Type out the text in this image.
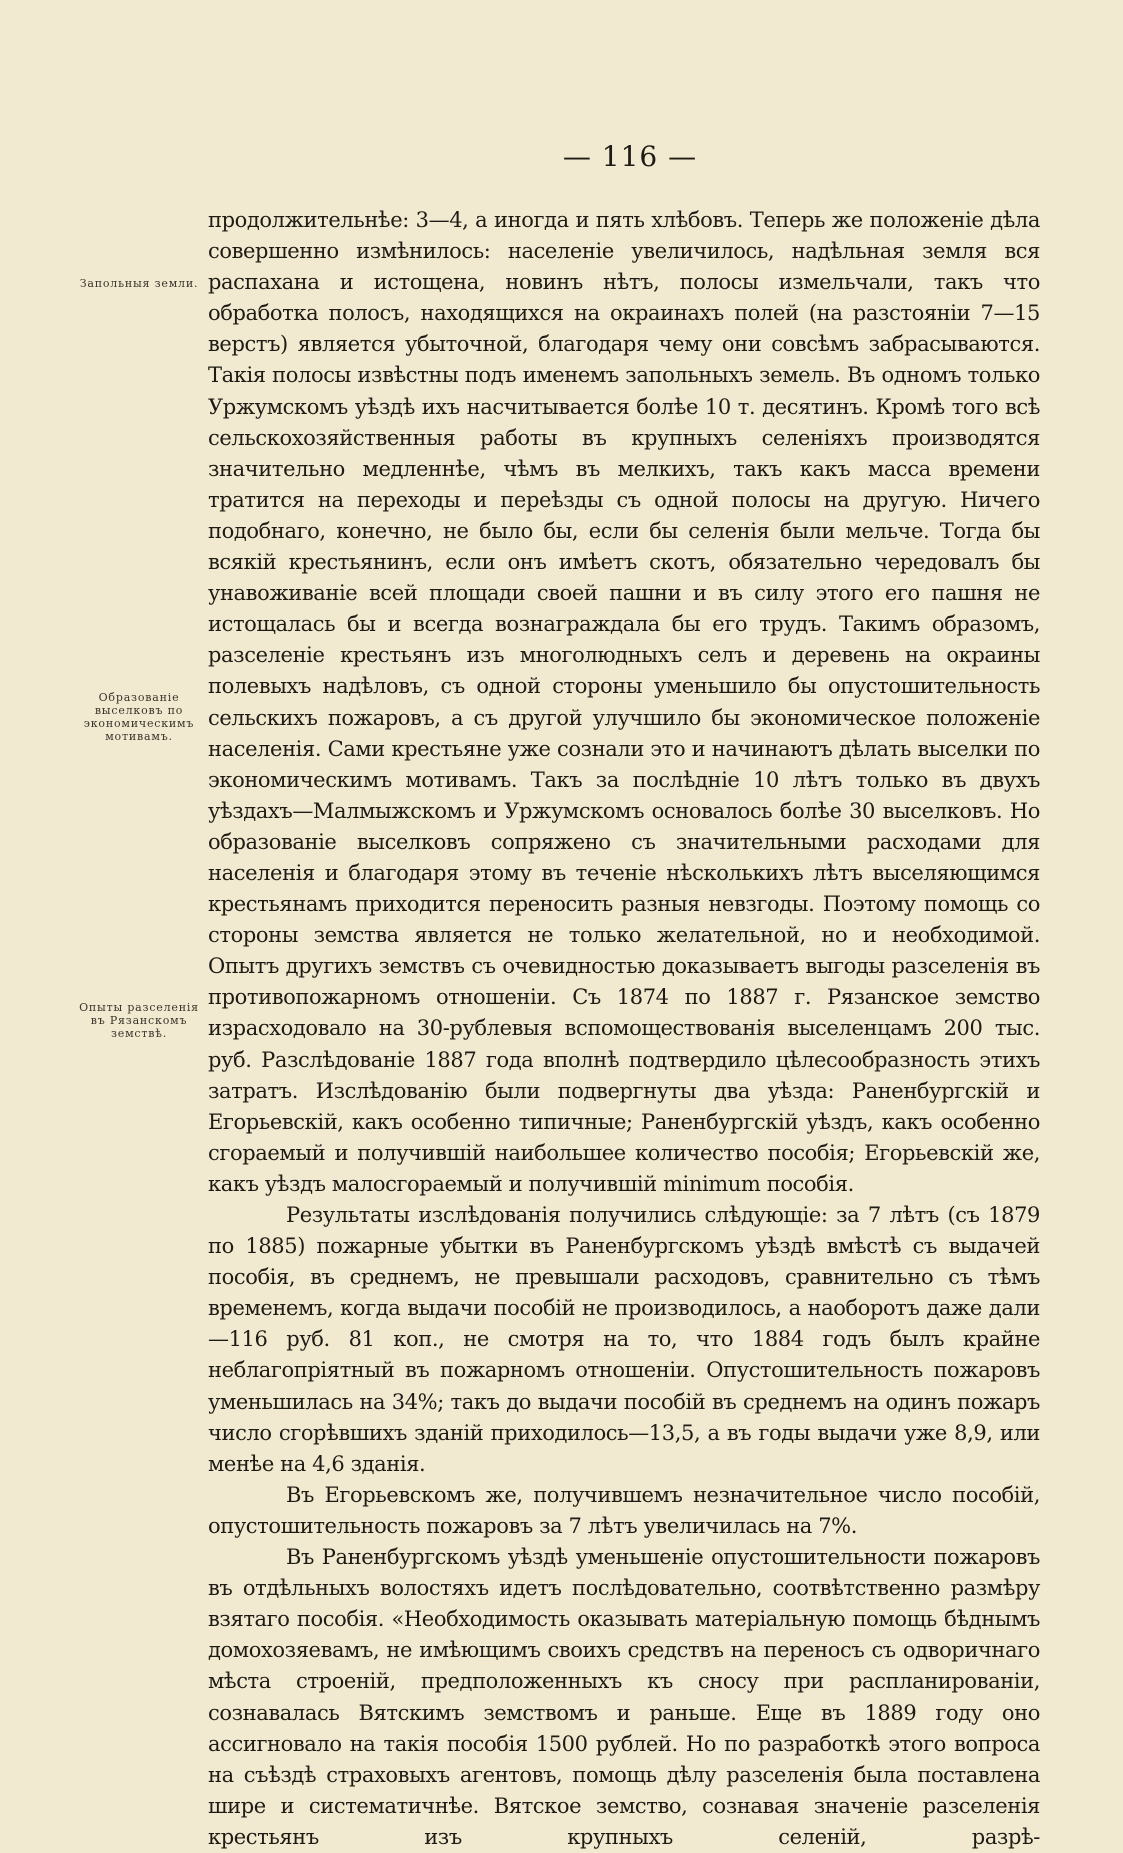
— 116 —
Запольныя земли.
Образованіе выселковъ по экономическимъ мотивамъ.
Опыты разселенія въ Рязанскомъ земствѣ.

продолжительнѣе: 3—4, а иногда и пять хлѣбовъ. Теперь же положеніе дѣла совершенно измѣнилось: населеніе увеличилось, надѣльная земля вся распахана и истощена, новинъ нѣтъ, полосы измельчали, такъ что обработка полосъ, находящихся на окраинахъ полей (на разстояніи 7—15 верстъ) является убыточной, благодаря чему они совсѣмъ забрасываются. Такія полосы извѣстны подъ именемъ запольныхъ земель. Въ одномъ только Уржумскомъ уѣздѣ ихъ насчитывается болѣе 10 т. десятинъ. Кромѣ того всѣ сельскохозяйственныя работы въ крупныхъ селеніяхъ производятся значительно медленнѣе, чѣмъ въ мелкихъ, такъ какъ масса времени тратится на переходы и переѣзды съ одной полосы на другую. Ничего подобнаго, конечно, не было бы, если бы селенія были мельче. Тогда бы всякій крестьянинъ, если онъ имѣетъ скотъ, обязательно чередовалъ бы унавоживаніе всей площади своей пашни и въ силу этого его пашня не истощалась бы и всегда вознаграждала бы его трудъ. Такимъ образомъ, разселеніе крестьянъ изъ многолюдныхъ селъ и деревень на окраины полевыхъ надѣловъ, съ одной стороны уменьшило бы опустошительность сельскихъ пожаровъ, а съ другой улучшило бы экономическое положеніе населенія. Сами крестьяне уже сознали это и начинаютъ дѣлать выселки по экономическимъ мотивамъ. Такъ за послѣдніе 10 лѣтъ только въ двухъ уѣздахъ—Малмыжскомъ и Уржумскомъ основалось болѣе 30 выселковъ. Но образованіе выселковъ сопряжено съ значительными расходами для населенія и благодаря этому въ теченіе нѣсколькихъ лѣтъ выселяющимся крестьянамъ приходится переносить разныя невзгоды. Поэтому помощь со стороны земства является не только желательной, но и необходимой. Опытъ другихъ земствъ съ очевидностью доказываетъ выгоды разселенія въ противопожарномъ отношеніи. Съ 1874 по 1887 г. Рязанское земство израсходовало на 30-рублевыя вспомоществованія выселенцамъ 200 тыс. руб. Разслѣдованіе 1887 года вполнѣ подтвердило цѣлесообразность этихъ затратъ. Изслѣдованію были подвергнуты два уѣзда: Раненбургскій и Егорьевскій, какъ особенно типичные; Раненбургскій уѣздъ, какъ особенно сгораемый и получившій наибольшее количество пособія; Егорьевскій же, какъ уѣздъ малосгораемый и получившій minimum пособія.

Результаты изслѣдованія получились слѣдующіе: за 7 лѣтъ (съ 1879 по 1885) пожарные убытки въ Раненбургскомъ уѣздѣ вмѣстѣ съ выдачей пособія, въ среднемъ, не превышали расходовъ, сравнительно съ тѣмъ временемъ, когда выдачи пособій не производилось, а наоборотъ даже дали—116 руб. 81 коп., не смотря на то, что 1884 годъ былъ крайне неблагопріятный въ пожарномъ отношеніи. Опустошительность пожаровъ уменьшилась на 34%; такъ до выдачи пособій въ среднемъ на одинъ пожаръ число сгорѣвшихъ зданій приходилось—13,5, а въ годы выдачи уже 8,9, или менѣе на 4,6 зданія.

Въ Егорьевскомъ же, получившемъ незначительное число пособій, опустошительность пожаровъ за 7 лѣтъ увеличилась на 7%.

Въ Раненбургскомъ уѣздѣ уменьшеніе опустошительности пожаровъ въ отдѣльныхъ волостяхъ идетъ послѣдовательно, соотвѣтственно размѣру взятаго пособія. «Необходимость оказывать матеріальную помощь бѣднымъ домохозяевамъ, не имѣющимъ своихъ средствъ на переносъ съ одворичнаго мѣста строеній, предположенныхъ къ сносу при распланированіи, сознавалась Вятскимъ земствомъ и раньше. Еще въ 1889 году оно ассигновало на такія пособія 1500 рублей. Но по разработкѣ этого вопроса на съѣздѣ страховыхъ агентовъ, помощь дѣлу разселенія была поставлена шире и систематичнѣе. Вятское земство, сознавая значеніе разселенія крестьянъ изъ крупныхъ селеній, разрѣ-
